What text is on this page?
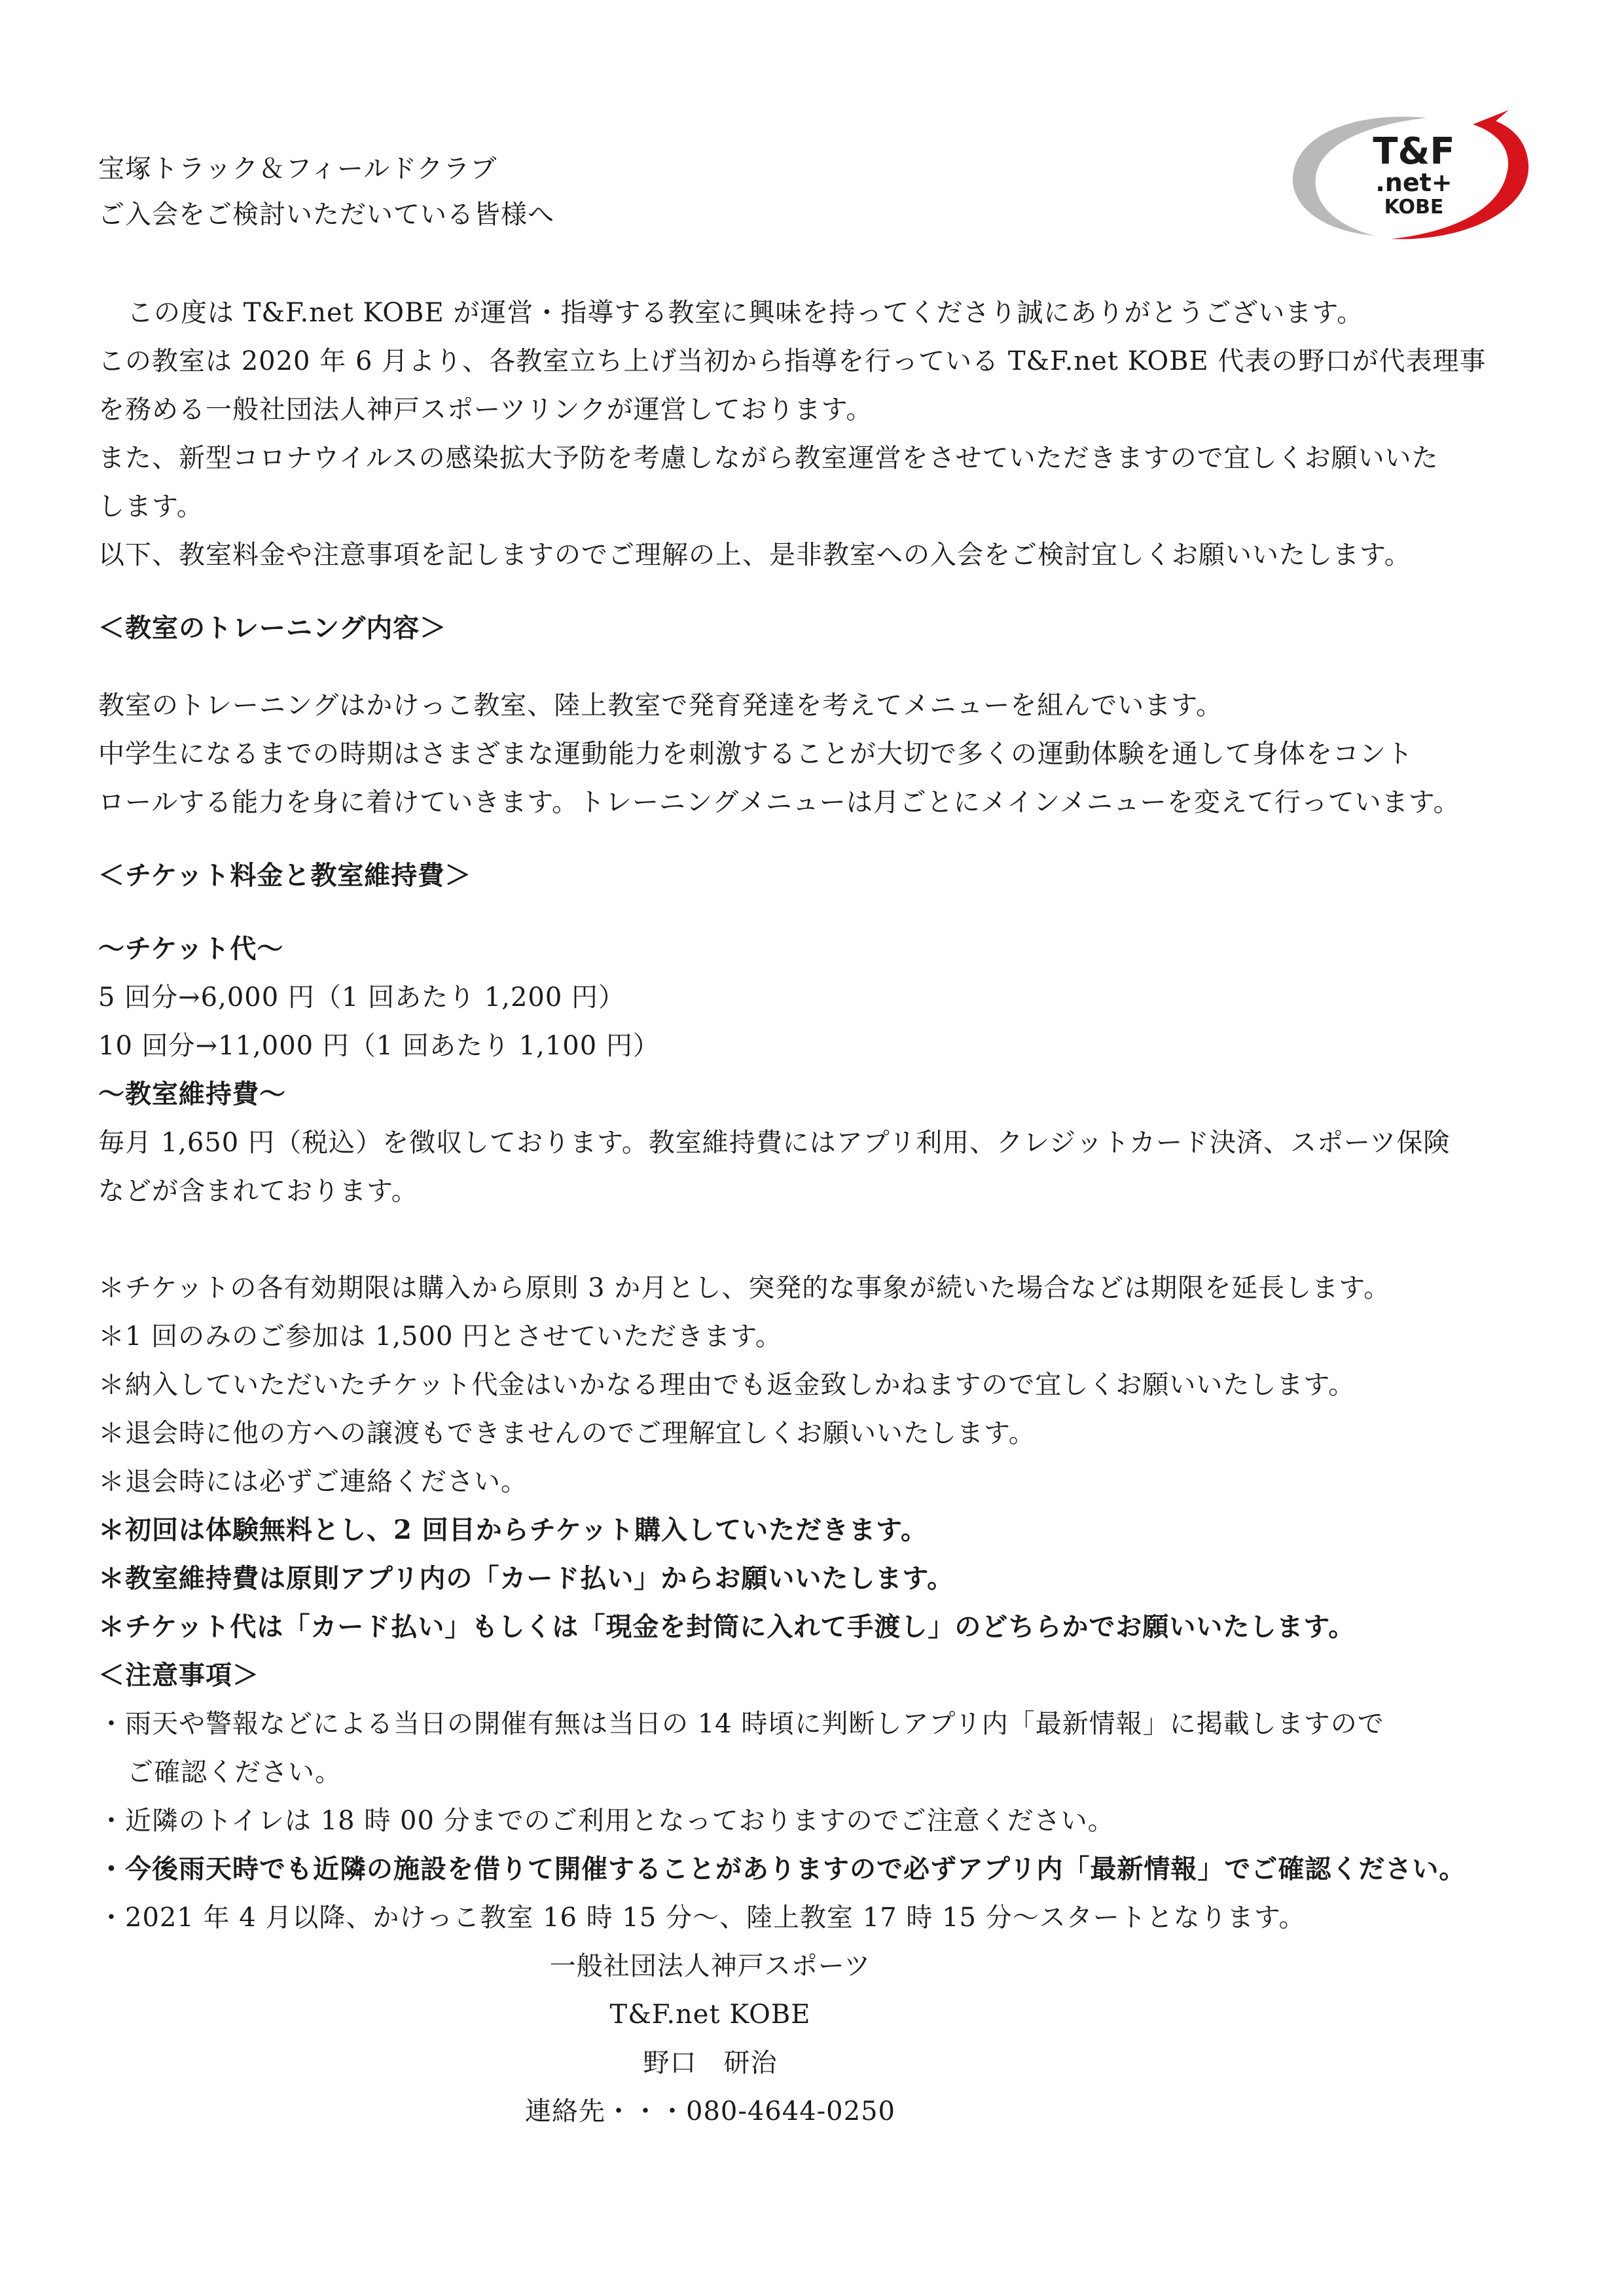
T&F
.net+
KOBE
宝塚トラック＆フィールドクラブ
ご入会をご検討いただいている皆様へ
この度は T&F.net KOBE が運営・指導する教室に興味を持ってくださり誠にありがとうございます。
この教室は 2020 年 6 月より、各教室立ち上げ当初から指導を行っている T&F.net KOBE 代表の野口が代表理事
を務める一般社団法人神戸スポーツリンクが運営しております。
また、新型コロナウイルスの感染拡大予防を考慮しながら教室運営をさせていただきますので宜しくお願いいた
します。
以下、教室料金や注意事項を記しますのでご理解の上、是非教室への入会をご検討宜しくお願いいたします。
＜教室のトレーニング内容＞
教室のトレーニングはかけっこ教室、陸上教室で発育発達を考えてメニューを組んでいます。
中学生になるまでの時期はさまざまな運動能力を刺激することが大切で多くの運動体験を通して身体をコント
ロールする能力を身に着けていきます。トレーニングメニューは月ごとにメインメニューを変えて行っています。
＜チケット料金と教室維持費＞
～チケット代～
5 回分→6,000 円（1 回あたり 1,200 円）
10 回分→11,000 円（1 回あたり 1,100 円）
～教室維持費～
毎月 1,650 円（税込）を徴収しております。教室維持費にはアプリ利用、クレジットカード決済、スポーツ保険
などが含まれております。
＊チケットの各有効期限は購入から原則 3 か月とし、突発的な事象が続いた場合などは期限を延長します。
＊1 回のみのご参加は 1,500 円とさせていただきます。
＊納入していただいたチケット代金はいかなる理由でも返金致しかねますので宜しくお願いいたします。
＊退会時に他の方への譲渡もできませんのでご理解宜しくお願いいたします。
＊退会時には必ずご連絡ください。
＊初回は体験無料とし、2 回目からチケット購入していただきます。
＊教室維持費は原則アプリ内の「カード払い」からお願いいたします。
＊チケット代は「カード払い」もしくは「現金を封筒に入れて手渡し」のどちらかでお願いいたします。
＜注意事項＞
・雨天や警報などによる当日の開催有無は当日の 14 時頃に判断しアプリ内「最新情報」に掲載しますので
ご確認ください。
・近隣のトイレは 18 時 00 分までのご利用となっておりますのでご注意ください。
・今後雨天時でも近隣の施設を借りて開催することがありますので必ずアプリ内「最新情報」でご確認ください。
・2021 年 4 月以降、かけっこ教室 16 時 15 分～、陸上教室 17 時 15 分～スタートとなります。
一般社団法人神戸スポーツ
T&F.net KOBE
野口　研治
連絡先・・・080-4644-0250
